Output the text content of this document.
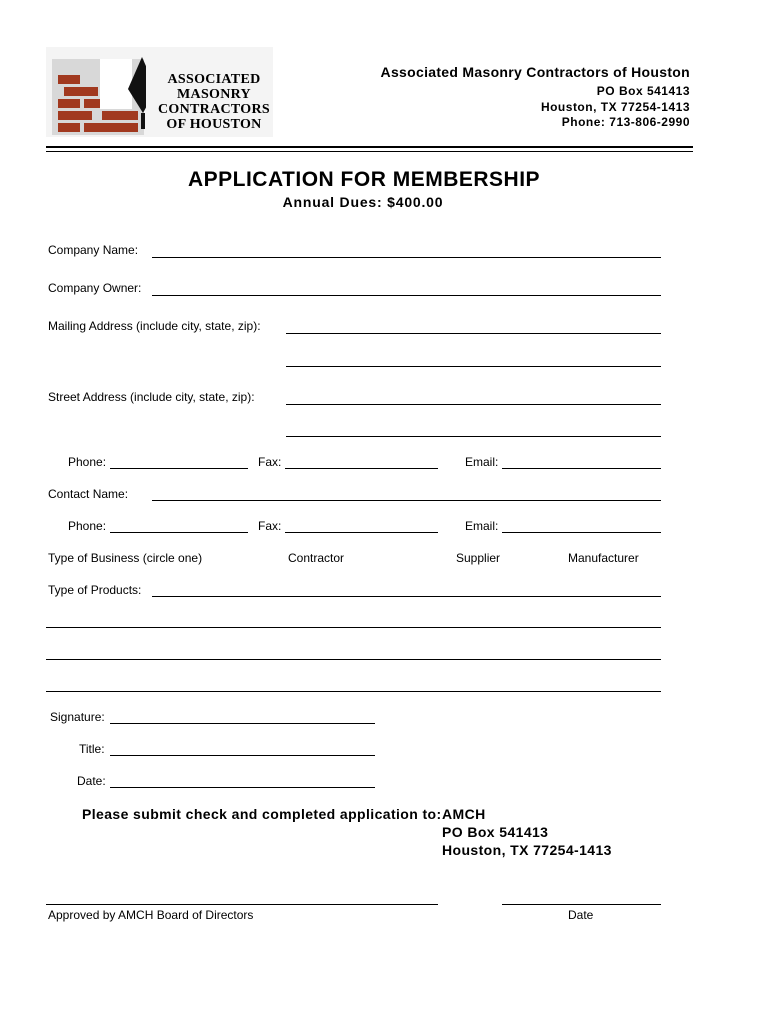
ASSOCIATED
MASONRY
CONTRACTORS
OF HOUSTON
Associated Masonry Contractors of Houston
PO Box 541413
Houston, TX 77254-1413
Phone: 713-806-2990
APPLICATION FOR MEMBERSHIP
Annual Dues: $400.00
Company Name:
Company Owner:
Mailing Address (include city, state, zip):
Street Address (include city, state, zip):
Phone:	Fax:	Email:
Contact Name:
Phone:	Fax:	Email:
Type of Business (circle one)	Contractor	Supplier	Manufacturer
Type of Products:
Signature:
Title:
Date:
Please submit check and completed application to: AMCH
PO Box 541413
Houston, TX 77254-1413
Approved by AMCH Board of Directors	Date
